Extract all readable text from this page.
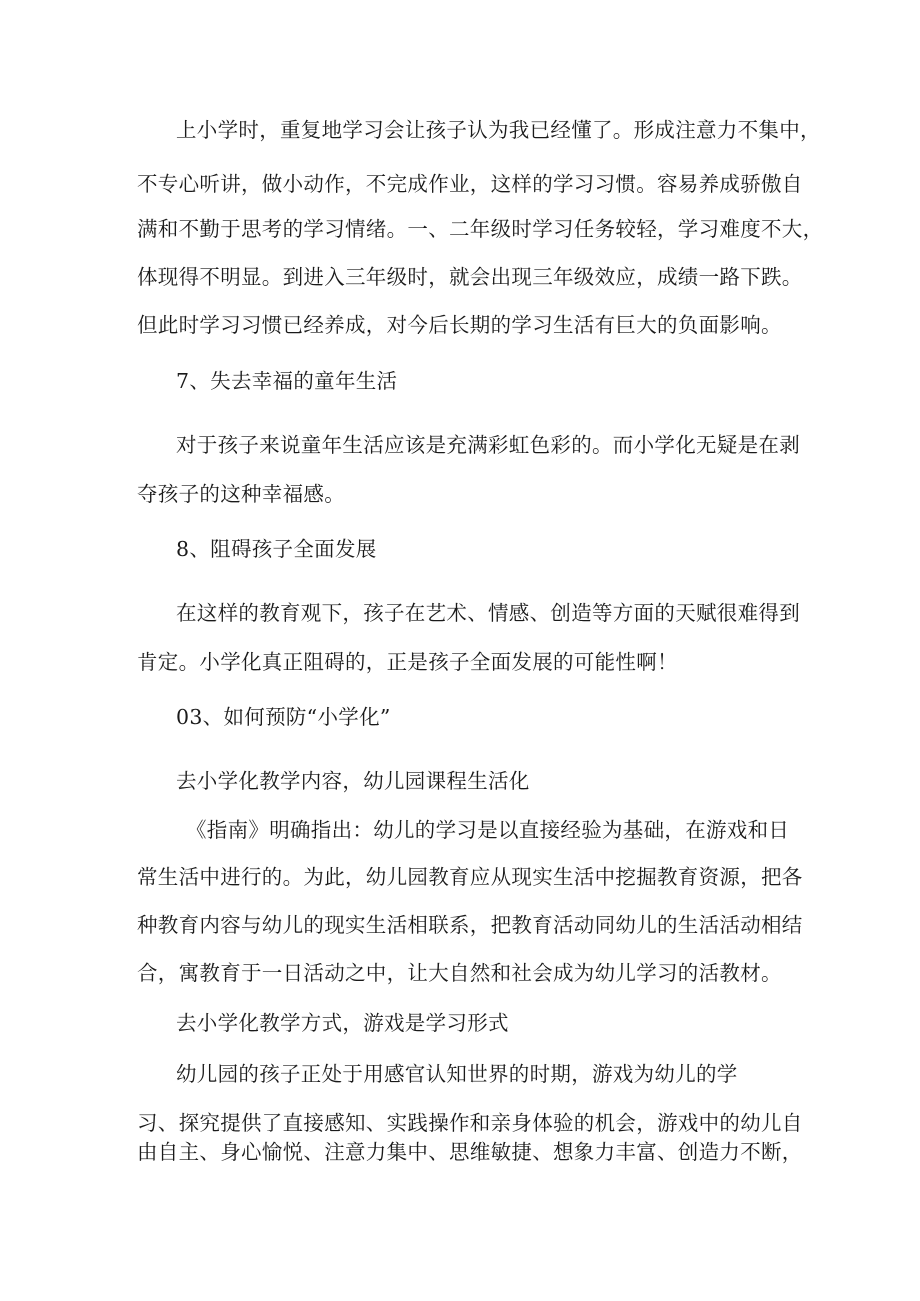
上小学时，重复地学习会让孩子认为我已经懂了。形成注意力不集中，
不专心听讲，做小动作，不完成作业，这样的学习习惯。容易养成骄傲自
满和不勤于思考的学习情绪。一、二年级时学习任务较轻，学习难度不大，
体现得不明显。到进入三年级时，就会出现三年级效应，成绩一路下跌。
但此时学习习惯已经养成，对今后长期的学习生活有巨大的负面影响。
7、失去幸福的童年生活
对于孩子来说童年生活应该是充满彩虹色彩的。而小学化无疑是在剥
夺孩子的这种幸福感。
8、阻碍孩子全面发展
在这样的教育观下，孩子在艺术、情感、创造等方面的天赋很难得到
肯定。小学化真正阻碍的，正是孩子全面发展的可能性啊！
03、如何预防“小学化”
去小学化教学内容，幼儿园课程生活化
《指南》明确指出：幼儿的学习是以直接经验为基础，在游戏和日
常生活中进行的。为此，幼儿园教育应从现实生活中挖掘教育资源，把各
种教育内容与幼儿的现实生活相联系，把教育活动同幼儿的生活活动相结
合，寓教育于一日活动之中，让大自然和社会成为幼儿学习的活教材。
去小学化教学方式，游戏是学习形式
幼儿园的孩子正处于用感官认知世界的时期，游戏为幼儿的学
习、探究提供了直接感知、实践操作和亲身体验的机会，游戏中的幼儿自
由自主、身心愉悦、注意力集中、思维敏捷、想象力丰富、创造力不断，
